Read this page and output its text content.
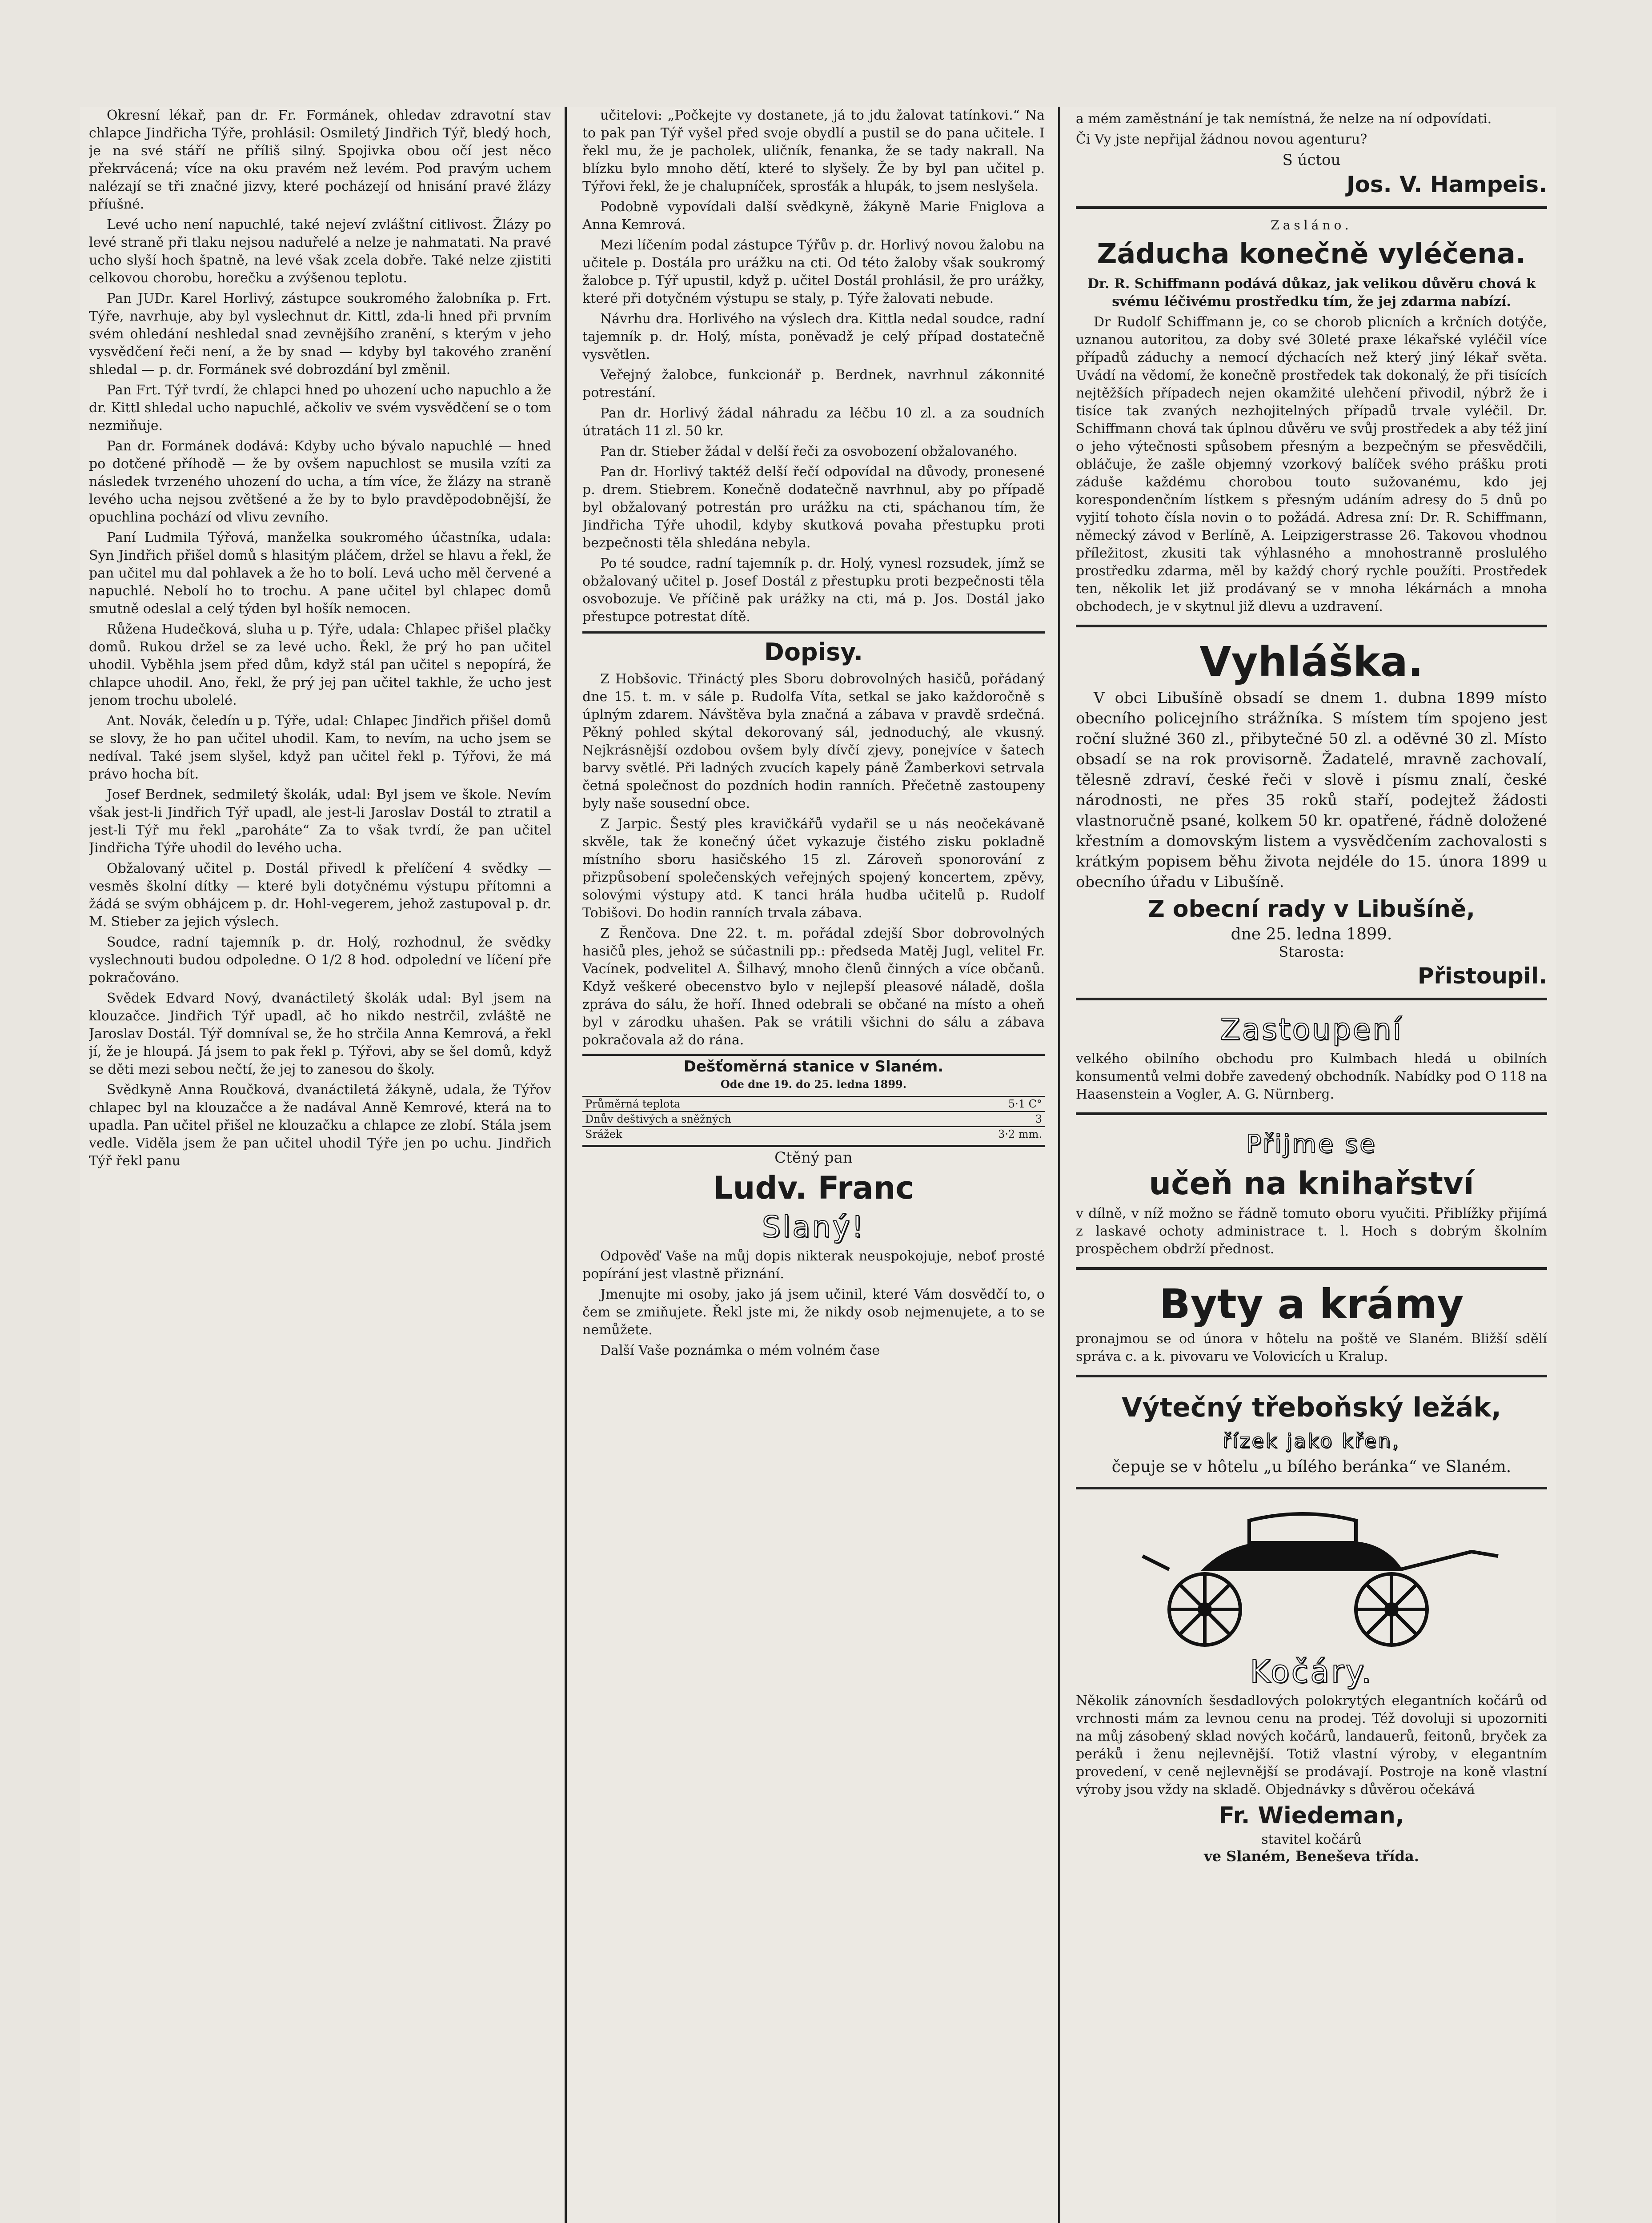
Okresní lékař, pan dr. Fr. Formánek, ohledav zdravotní stav chlapce Jindřicha Týře, prohlásil: Osmiletý Jindřich Týř, bledý hoch, je na své stáří ne příliš silný. Spojivka obou očí jest něco překrvácená; více na oku pravém než levém. Pod pravým uchem nalézají se tři značné jizvy, které pocházejí od hnisání pravé žlázy příušné.

Levé ucho není napuchlé, také nejeví zvláštní citlivost. Žlázy po levé straně při tlaku nejsou naduřelé a nelze je nahmatati. Na pravé ucho slyší hoch špatně, na levé však zcela dobře. Také nelze zjistiti celkovou chorobu, horečku a zvýšenou teplotu.

Pan JUDr. Karel Horlivý, zástupce soukromého žalobníka p. Frt. Týře, navrhuje, aby byl vyslechnut dr. Kittl, zda-li hned při prvním svém ohledání neshledal snad zevnějšího zranění, s kterým v jeho vysvědčení řeči není, a že by snad — kdyby byl takového zranění shledal — p. dr. Formánek své dobrozdání byl změnil.

Pan Frt. Týř tvrdí, že chlapci hned po uhození ucho napuchlo a že dr. Kittl shledal ucho napuchlé, ačkoliv ve svém vysvědčení se o tom nezmiňuje.

Pan dr. Formánek dodává: Kdyby ucho bývalo napuchlé — hned po dotčené příhodě — že by ovšem napuchlost se musila vzíti za následek tvrzeného uhození do ucha, a tím více, že žlázy na straně levého ucha nejsou zvětšené a že by to bylo pravděpodobnější, že opuchlina pochází od vlivu zevního.

Paní Ludmila Týřová, manželka soukromého účastníka, udala: Syn Jindřich přišel domů s hlasitým pláčem, držel se hlavu a řekl, že pan učitel mu dal pohlavek a že ho to bolí. Levá ucho měl červené a napuchlé. Nebolí ho to trochu. A pane učitel byl chlapec domů smutně odeslal a celý týden byl hošík nemocen.

Růžena Hudečková, sluha u p. Týře, udala: Chlapec přišel plačky domů. Rukou držel se za levé ucho. Řekl, že prý ho pan učitel uhodil. Vyběhla jsem před dům, když stál pan učitel s nepopírá, že chlapce uhodil. Ano, řekl, že prý jej pan učitel takhle, že ucho jest jenom trochu ubolelé.

Ant. Novák, čeledín u p. Týře, udal: Chlapec Jindřich přišel domů se slovy, že ho pan učitel uhodil. Kam, to nevím, na ucho jsem se nedíval. Také jsem slyšel, když pan učitel řekl p. Týřovi, že má právo hocha bít.

Josef Berdnek, sedmiletý školák, udal: Byl jsem ve škole. Nevím však jest-li Jindřich Týř upadl, ale jest-li Jaroslav Dostál to ztratil a jest-li Týř mu řekl „paroháte“ Za to však tvrdí, že pan učitel Jindřicha Týře uhodil do levého ucha.

Obžalovaný učitel p. Dostál přivedl k přelíčení 4 svědky — vesměs školní dítky — které byli dotyčnému výstupu přítomni a žádá se svým obhájcem p. dr. Hohl-vegerem, jehož zastupoval p. dr. M. Stieber za jejich výslech.

Soudce, radní tajemník p. dr. Holý, rozhodnul, že svědky vyslechnouti budou odpoledne. O 1/2 8 hod. odpolední ve líčení pře pokračováno.

Svědek Edvard Nový, dvanáctiletý školák udal: Byl jsem na klouzačce. Jindřich Týř upadl, ač ho nikdo nestrčil, zvláště ne Jaroslav Dostál. Týř domníval se, že ho strčila Anna Kemrová, a řekl jí, že je hloupá. Já jsem to pak řekl p. Týřovi, aby se šel domů, když se děti mezi sebou nečtí, že jej to zanesou do školy.

Svědkyně Anna Roučková, dvanáctiletá žákyně, udala, že Týřov chlapec byl na klouzačce a že nadával Anně Kemrové, která na to upadla. Pan učitel přišel ne klouzačku a chlapce ze zlobí. Stála jsem vedle. Viděla jsem že pan učitel uhodil Týře jen po uchu. Jindřich Týř řekl panu

učitelovi: „Počkejte vy dostanete, já to jdu žalovat tatínkovi.“ Na to pak pan Týř vyšel před svoje obydlí a pustil se do pana učitele. I řekl mu, že je pacholek, uličník, fenanka, že se tady nakrall. Na blízku bylo mnoho dětí, které to slyšely. Že by byl pan učitel p. Týřovi řekl, že je chalupníček, sprosťák a hlupák, to jsem neslyšela.

Podobně vypovídali další svědkyně, žákyně Marie Fniglova a Anna Kemrová.

Mezi líčením podal zástupce Týřův p. dr. Horlivý novou žalobu na učitele p. Dostála pro urážku na cti. Od této žaloby však soukromý žalobce p. Týř upustil, když p. učitel Dostál prohlásil, že pro urážky, které při dotyčném výstupu se staly, p. Týře žalovati nebude.

Návrhu dra. Horlivého na výslech dra. Kittla nedal soudce, radní tajemník p. dr. Holý, místa, poněvadž je celý případ dostatečně vysvětlen.

Veřejný žalobce, funkcionář p. Berdnek, navrhnul zákonnité potrestání.

Pan dr. Horlivý žádal náhradu za léčbu 10 zl. a za soudních útratách 11 zl. 50 kr.

Pan dr. Stieber žádal v delší řeči za osvobození obžalovaného.

Pan dr. Horlivý taktéž delší řečí odpovídal na důvody, pronesené p. drem. Stiebrem. Konečně dodatečně navrhnul, aby po případě byl obžalovaný potrestán pro urážku na cti, spáchanou tím, že Jindřicha Týře uhodil, kdyby skutková povaha přestupku proti bezpečnosti těla shledána nebyla.

Po té soudce, radní tajemník p. dr. Holý, vynesl rozsudek, jímž se obžalovaný učitel p. Josef Dostál z přestupku proti bezpečnosti těla osvobozuje. Ve příčině pak urážky na cti, má p. Jos. Dostál jako přestupce potrestat dítě.

Dopisy.

Z Hobšovic. Třináctý ples Sboru dobrovolných hasičů, pořádaný dne 15. t. m. v sále p. Rudolfa Víta, setkal se jako každoročně s úplným zdarem. Návštěva byla značná a zábava v pravdě srdečná. Pěkný pohled skýtal dekorovaný sál, jednoduchý, ale vkusný. Nejkrásnější ozdobou ovšem byly dívčí zjevy, ponejvíce v šatech barvy světlé. Při ladných zvucích kapely páně Žamberkovi setrvala četná společnost do pozdních hodin ranních. Přečetně zastoupeny byly naše sousední obce.

Z Jarpic. Šestý ples kravičkářů vydařil se u nás neočekávaně skvěle, tak že konečný účet vykazuje čistého zisku pokladně místního sboru hasičského 15 zl. Zároveň sponorování z přizpůsobení společenských veřejných spojený koncertem, zpěvy, solovými výstupy atd. K tanci hrála hudba učitelů p. Rudolf Tobišovi. Do hodin ranních trvala zábava.

Z Řenčova. Dne 22. t. m. pořádal zdejší Sbor dobrovolných hasičů ples, jehož se súčastnili pp.: předseda Matěj Jugl, velitel Fr. Vacínek, podvelitel A. Šilhavý, mnoho členů činných a více občanů. Když veškeré obecenstvo bylo v nejlepší pleasové náladě, došla zpráva do sálu, že hoří. Ihned odebrali se občané na místo a oheň byl v zárodku uhašen. Pak se vrátili všichni do sálu a zábava pokračovala až do rána.

Dešťoměrná stanice v Slaném.
Ode dne 19. do 25. ledna 1899.
Průměrná teplota	5·1 C°
Dnův deštivých a sněžných	3
Srážek	3·2 mm.
Ctěný pan
Ludv. Franc
Slaný!

Odpověď Vaše na můj dopis nikterak neuspokojuje, neboť prosté popírání jest vlastně přiznání.

Jmenujte mi osoby, jako já jsem učinil, které Vám dosvědčí to, o čem se zmiňujete. Řekl jste mi, že nikdy osob nejmenujete, a to se nemůžete.

Další Vaše poznámka o mém volném čase

a mém zaměstnání je tak nemístná, že nelze na ní odpovídati.

Či Vy jste nepřijal žádnou novou agenturu?

S úctou
Jos. V. Hampeis.
Zasláno.
Záducha konečně vyléčena.

Dr. R. Schiffmann podává důkaz, jak velikou důvěru chová k svému léčivému prostředku tím, že jej zdarma nabízí.

Dr Rudolf Schiffmann je, co se chorob plicních a krčních dotýče, uznanou autoritou, za doby své 30leté praxe lékařské vyléčil více případů záduchy a nemocí dýchacích než který jiný lékař světa. Uvádí na vědomí, že konečně prostředek tak dokonalý, že při tisících nejtěžších případech nejen okamžité ulehčení přivodil, nýbrž že i tisíce tak zvaných nezhojitelných případů trvale vyléčil. Dr. Schiffmann chová tak úplnou důvěru ve svůj prostředek a aby též jiní o jeho výtečnosti spůsobem přesným a bezpečným se přesvědčili, obláčuje, že zašle objemný vzorkový balíček svého prášku proti záduše každému chorobou touto sužovanému, kdo jej korespondenčním lístkem s přesným udáním adresy do 5 dnů po vyjití tohoto čísla novin o to požádá. Adresa zní: Dr. R. Schiffmann, německý závod v Berlíně, A. Leipzigerstrasse 26. Takovou vhodnou příležitost, zkusiti tak výhlasného a mnohostranně proslulého prostředku zdarma, měl by každý chorý rychle použíti. Prostředek ten, několik let již prodávaný se v mnoha lékárnách a mnoha obchodech, je v skytnul již dlevu a uzdravení.

Vyhláška.

V obci Libušíně obsadí se dnem 1. dubna 1899 místo obecního policejního strážníka. S místem tím spojeno jest roční služné 360 zl., přibytečné 50 zl. a oděvné 30 zl. Místo obsadí se na rok provisorně. Žadatelé, mravně zachovalí, tělesně zdraví, české řeči v slově i písmu znalí, české národnosti, ne přes 35 roků staří, podejtež žádosti vlastnoručně psané, kolkem 50 kr. opatřené, řádně doložené křestním a domovským listem a vysvědčením zachovalosti s krátkým popisem běhu života nejdéle do 15. února 1899 u obecního úřadu v Libušíně.

Z obecní rady v Libušíně,
dne 25. ledna 1899.
Starosta:
Přistoupil.
Zastoupení

velkého obilního obchodu pro Kulmbach hledá u obilních konsumentů velmi dobře zavedený obchodník. Nabídky pod O 118 na Haasenstein a Vogler, A. G. Nürnberg.

Přijme se
učeň na knihařství

v dílně, v níž možno se řádně tomuto oboru vyučiti. Přiblížky přijímá z laskavé ochoty administrace t. l. Hoch s dobrým školním prospěchem obdrží přednost.

Byty a krámy

pronajmou se od února v hôtelu na poště ve Slaném. Bližší sdělí správa c. a k. pivovaru ve Volovicích u Kralup.

Výtečný třeboňský ležák,
řízek jako křen,

čepuje se v hôtelu „u bílého beránka“ ve Slaném.

Kočáry.

Několik zánovních šesdadlových polokrytých elegantních kočárů od vrchnosti mám za levnou cenu na prodej. Též dovoluji si upozorniti na můj zásobený sklad nových kočárů, landauerů, feitonů, bryček za peráků i ženu nejlevnější. Totiž vlastní výroby, v elegantním provedení, v ceně nejlevnější se prodávají. Postroje na koně vlastní výroby jsou vždy na skladě. Objednávky s důvěrou očekává

Fr. Wiedeman,
stavitel kočárů
ve Slaném, Beneševa třída.
